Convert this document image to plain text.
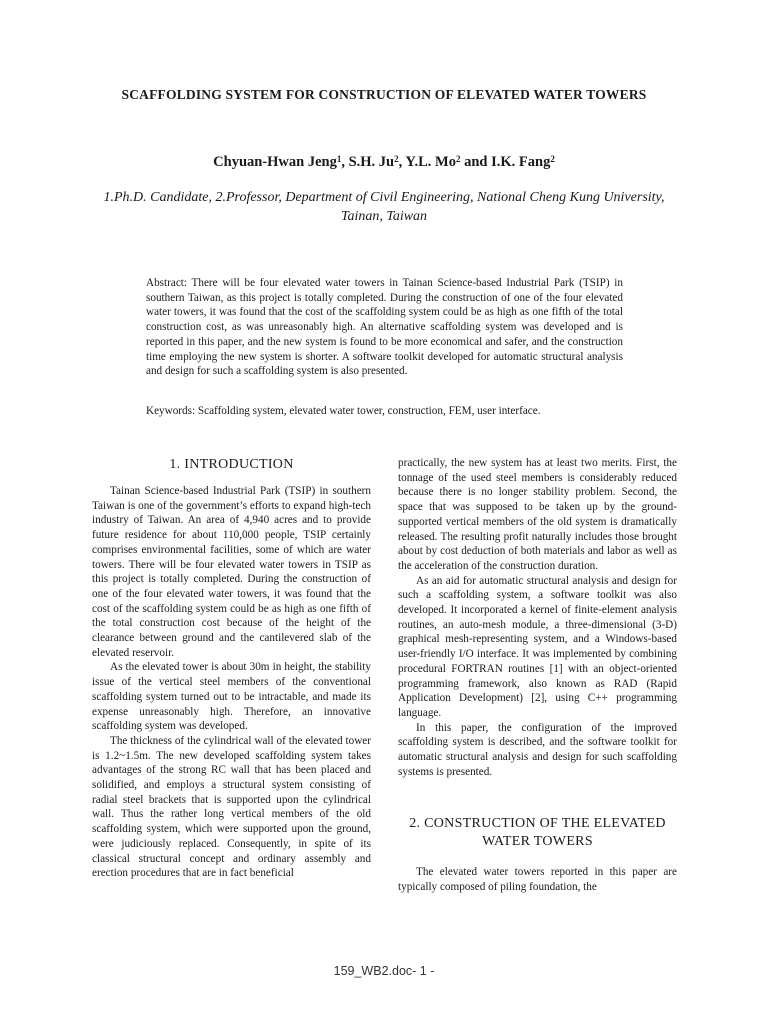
SCAFFOLDING SYSTEM FOR CONSTRUCTION OF ELEVATED WATER TOWERS
Chyuan-Hwan Jeng$^1$, S.H. Ju$^2$, Y.L. Mo$^2$ and I.K. Fang$^2$
1.Ph.D. Candidate, 2.Professor, Department of Civil Engineering, National Cheng Kung University, Tainan, Taiwan

Abstract: There will be four elevated water towers in Tainan Science-based Industrial Park (TSIP) in southern Taiwan, as this project is totally completed. During the construction of one of the four elevated water towers, it was found that the cost of the scaffolding system could be as high as one fifth of the total construction cost, as was unreasonably high. An alternative scaffolding system was developed and is reported in this paper, and the new system is found to be more economical and safer, and the construction time employing the new system is shorter. A software toolkit developed for automatic structural analysis and design for such a scaffolding system is also presented.

Keywords: Scaffolding system, elevated water tower, construction, FEM, user interface.

1. INTRODUCTION

Tainan Science-based Industrial Park (TSIP) in southern Taiwan is one of the government’s efforts to expand high-tech industry of Taiwan. An area of 4,940 acres and to provide future residence for about 110,000 people, TSIP certainly comprises environmental facilities, some of which are water towers. There will be four elevated water towers in TSIP as this project is totally completed. During the construction of one of the four elevated water towers, it was found that the cost of the scaffolding system could be as high as one fifth of the total construction cost because of the height of the clearance between ground and the cantilevered slab of the elevated reservoir.

As the elevated tower is about 30m in height, the stability issue of the vertical steel members of the conventional scaffolding system turned out to be intractable, and made its expense unreasonably high. Therefore, an innovative scaffolding system was developed.

The thickness of the cylindrical wall of the elevated tower is 1.2~1.5m. The new developed scaffolding system takes advantages of the strong RC wall that has been placed and solidified, and employs a structural system consisting of radial steel brackets that is supported upon the cylindrical wall. Thus the rather long vertical members of the old scaffolding system, which were supported upon the ground, were judiciously replaced. Consequently, in spite of its classical structural concept and ordinary assembly and erection procedures that are in fact beneficial

practically, the new system has at least two merits. First, the tonnage of the used steel members is considerably reduced because there is no longer stability problem. Second, the space that was supposed to be taken up by the ground-supported vertical members of the old system is dramatically released. The resulting profit naturally includes those brought about by cost deduction of both materials and labor as well as the acceleration of the construction duration.

As an aid for automatic structural analysis and design for such a scaffolding system, a software toolkit was also developed. It incorporated a kernel of finite-element analysis routines, an auto-mesh module, a three-dimensional (3-D) graphical mesh-representing system, and a Windows-based user-friendly I/O interface. It was implemented by combining procedural FORTRAN routines [1] with an object-oriented programming framework, also known as RAD (Rapid Application Development) [2], using C++ programming language.

In this paper, the configuration of the improved scaffolding system is described, and the software toolkit for automatic structural analysis and design for such scaffolding systems is presented.

2. CONSTRUCTION OF THE ELEVATED
WATER TOWERS

The elevated water towers reported in this paper are typically composed of piling foundation, the

159_WB2.doc- 1 -
